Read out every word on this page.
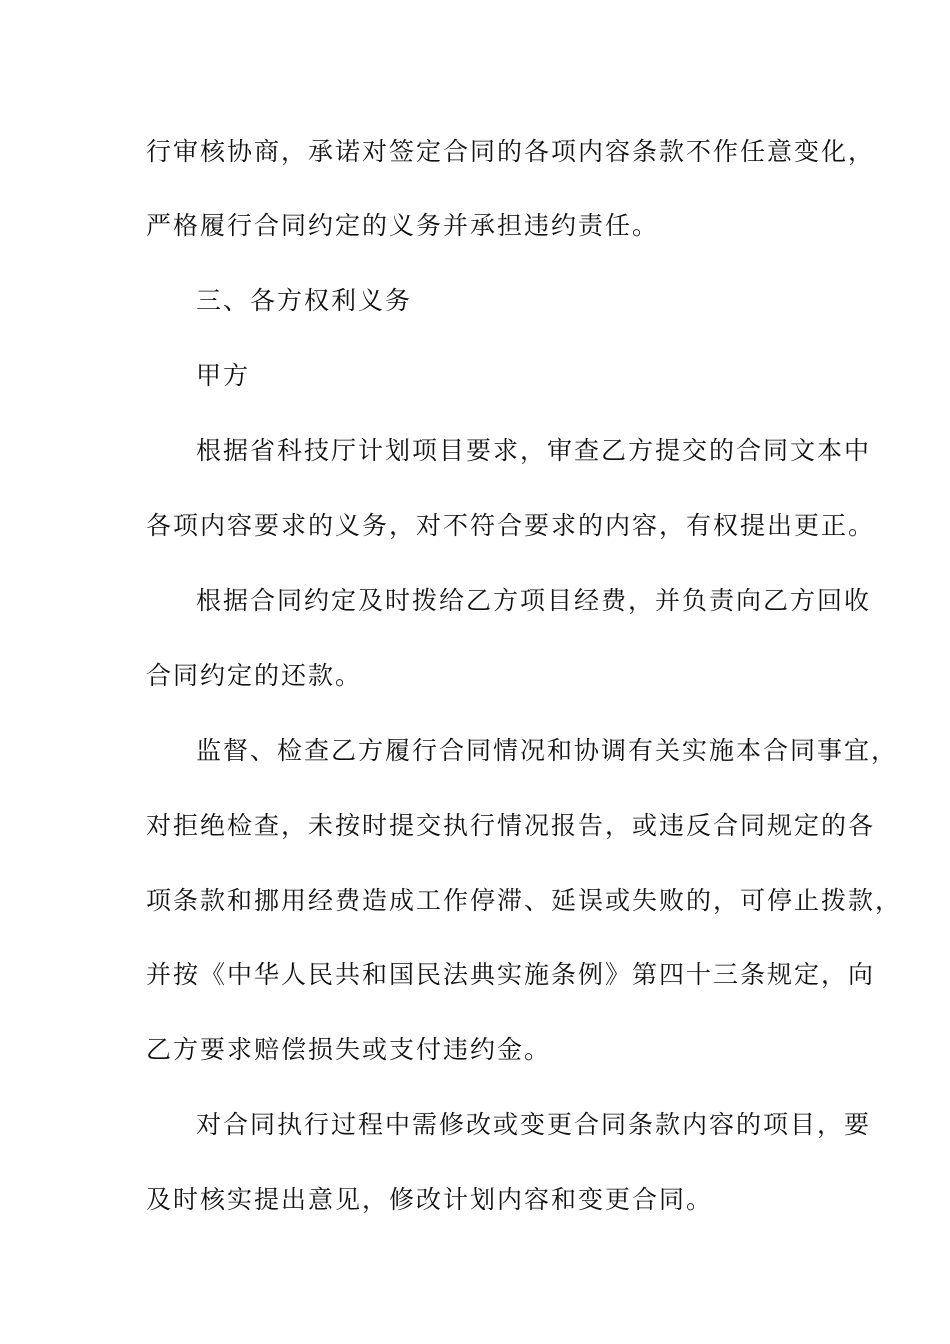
行审核协商，承诺对签定合同的各项内容条款不作任意变化，
严格履行合同约定的义务并承担违约责任。
三、各方权利义务
甲方
根据省科技厅计划项目要求，审查乙方提交的合同文本中
各项内容要求的义务，对不符合要求的内容，有权提出更正。
根据合同约定及时拨给乙方项目经费，并负责向乙方回收
合同约定的还款。
监督、检查乙方履行合同情况和协调有关实施本合同事宜，
对拒绝检查，未按时提交执行情况报告，或违反合同规定的各
项条款和挪用经费造成工作停滞、延误或失败的，可停止拨款，
并按《中华人民共和国民法典实施条例》第四十三条规定，向
乙方要求赔偿损失或支付违约金。
对合同执行过程中需修改或变更合同条款内容的项目，要
及时核实提出意见，修改计划内容和变更合同。
